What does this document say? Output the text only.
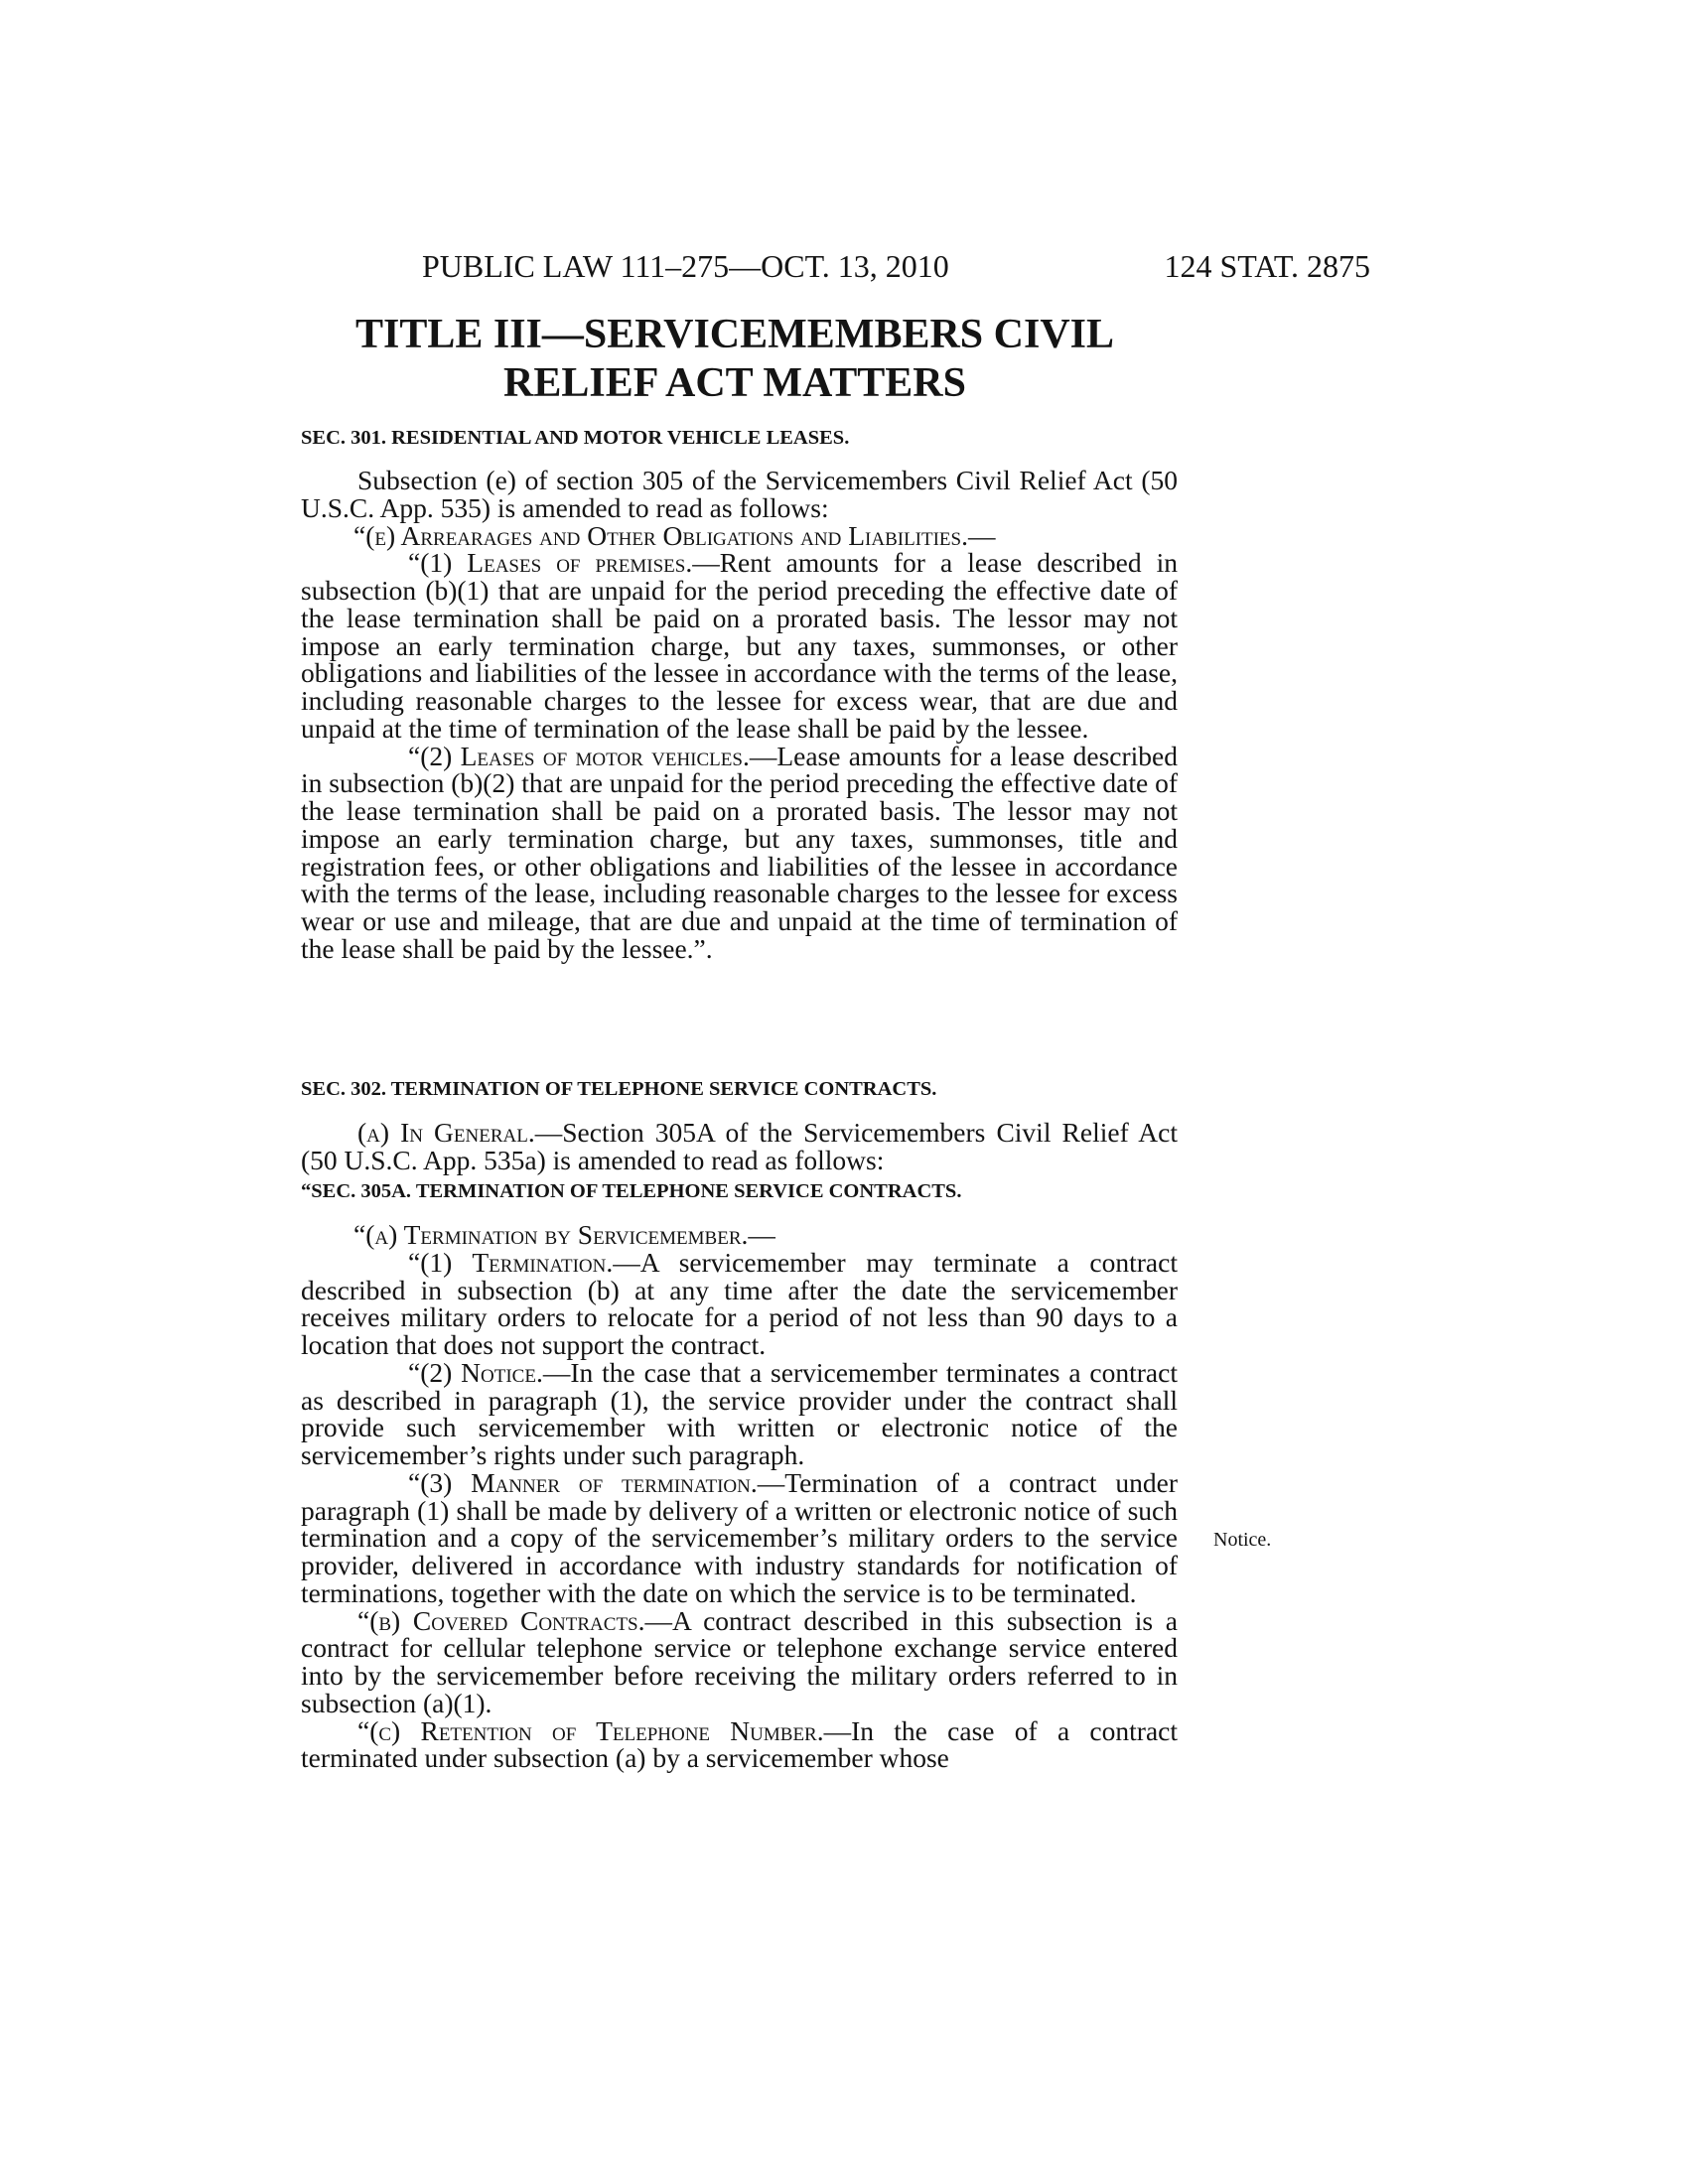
PUBLIC LAW 111–275—OCT. 13, 2010	124 STAT. 2875
TITLE III—SERVICEMEMBERS CIVIL
RELIEF ACT MATTERS
SEC. 301. RESIDENTIAL AND MOTOR VEHICLE LEASES.

Subsection (e) of section 305 of the Servicemembers Civil Relief Act (50 U.S.C. App. 535) is amended to read as follows:

“(e) Arrearages and Other Obligations and Liabilities.—

“(1) Leases of premises.—Rent amounts for a lease described in subsection (b)(1) that are unpaid for the period preceding the effective date of the lease termination shall be paid on a prorated basis. The lessor may not impose an early termination charge, but any taxes, summonses, or other obligations and liabilities of the lessee in accordance with the terms of the lease, including reasonable charges to the lessee for excess wear, that are due and unpaid at the time of termination of the lease shall be paid by the lessee.

“(2) Leases of motor vehicles.—Lease amounts for a lease described in subsection (b)(2) that are unpaid for the period preceding the effective date of the lease termination shall be paid on a prorated basis. The lessor may not impose an early termination charge, but any taxes, summonses, title and registration fees, or other obligations and liabilities of the lessee in accordance with the terms of the lease, including reasonable charges to the lessee for excess wear or use and mileage, that are due and unpaid at the time of termination of the lease shall be paid by the lessee.”.

SEC. 302. TERMINATION OF TELEPHONE SERVICE CONTRACTS.

(a) In General.—Section 305A of the Servicemembers Civil Relief Act (50 U.S.C. App. 535a) is amended to read as follows:

“SEC. 305A. TERMINATION OF TELEPHONE SERVICE CONTRACTS.

“(a) Termination by Servicemember.—

“(1) Termination.—A servicemember may terminate a contract described in subsection (b) at any time after the date the servicemember receives military orders to relocate for a period of not less than 90 days to a location that does not support the contract.

“(2) Notice.—In the case that a servicemember terminates a contract as described in paragraph (1), the service provider under the contract shall provide such servicemember with written or electronic notice of the servicemember’s rights under such paragraph.

“(3) Manner of termination.—Termination of a contract under paragraph (1) shall be made by delivery of a written or electronic notice of such termination and a copy of the servicemember’s military orders to the service provider, delivered in accordance with industry standards for notification of terminations, together with the date on which the service is to be terminated.

“(b) Covered Contracts.—A contract described in this subsection is a contract for cellular telephone service or telephone exchange service entered into by the servicemember before receiving the military orders referred to in subsection (a)(1).

“(c) Retention of Telephone Number.—In the case of a contract terminated under subsection (a) by a servicemember whose

Notice.
